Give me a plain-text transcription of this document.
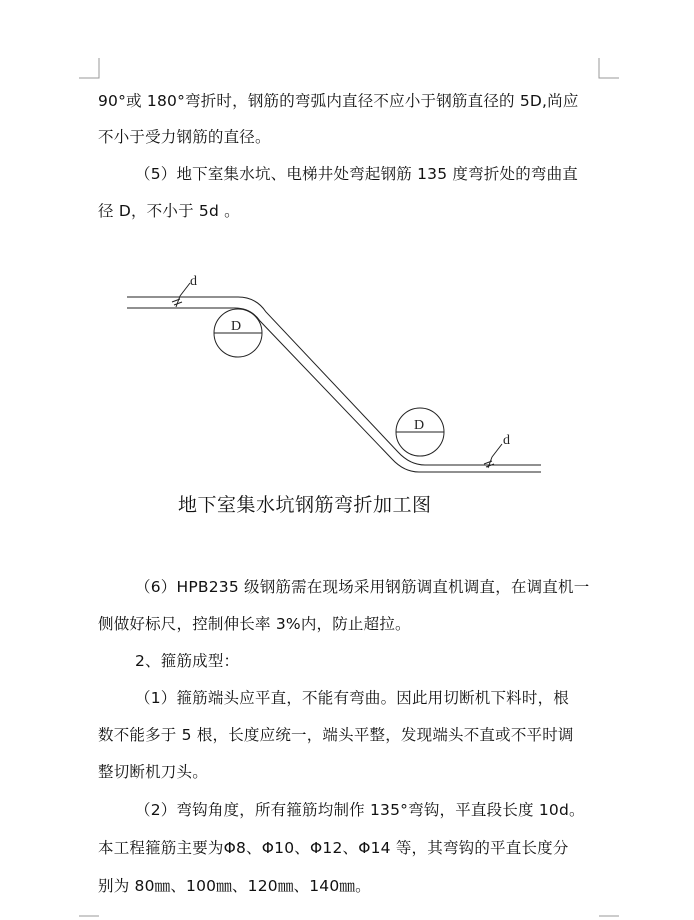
90°或 180°弯折时，钢筋的弯弧内直径不应小于钢筋直径的 5D,尚应
不小于受力钢筋的直径。
（5）地下室集水坑、电梯井处弯起钢筋 135 度弯折处的弯曲直
径 D，不小于 5d 。
D
D
d
d
地下室集水坑钢筋弯折加工图
（6）HPB235 级钢筋需在现场采用钢筋调直机调直，在调直机一
侧做好标尺，控制伸长率 3%内，防止超拉。
2、箍筋成型：
（1）箍筋端头应平直，不能有弯曲。因此用切断机下料时，根
数不能多于 5 根，长度应统一，端头平整，发现端头不直或不平时调
整切断机刀头。
（2）弯钩角度，所有箍筋均制作 135°弯钩，平直段长度 10d。
本工程箍筋主要为Φ8、Φ10、Φ12、Φ14 等，其弯钩的平直长度分
别为 80㎜、100㎜、120㎜、140㎜。
